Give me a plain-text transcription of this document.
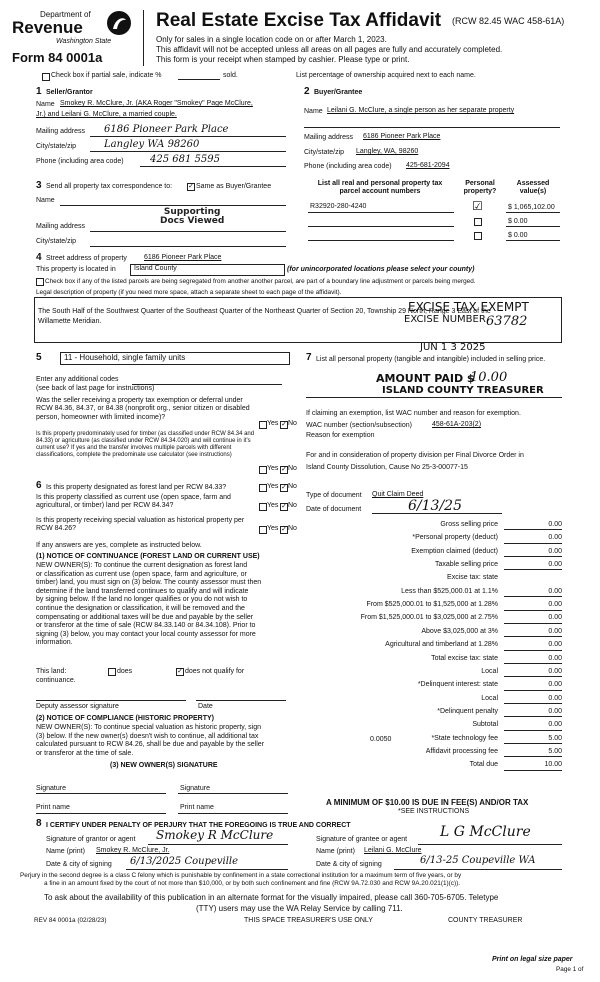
Department of
Revenue
Washington State
Form 84 0001a
Real Estate Excise Tax Affidavit (RCW 82.45 WAC 458-61A)
Only for sales in a single location code on or after March 1, 2023.
This affidavit will not be accepted unless all areas on all pages are fully and accurately completed.
This form is your receipt when stamped by cashier. Please type or print.
Check box if partial sale, indicate %	sold.	List percentage of ownership acquired next to each name.
1 Seller/Grantor
Name Smokey R. McClure, Jr. (AKA Roger "Smokey" Page McClure,
Jr.) and Leilani G. McClure, a married couple.
Mailing address 6186 Pioneer Park Place
City/state/zip	Langley WA 98260
Phone (including area code)	425 681 5595
2 Buyer/Grantee
Name Leilani G. McClure, a single person as her separate property
Mailing address 6186 Pioneer Park Place
City/state/zip Langley, WA, 98260
Phone (including area code) 425-681-2094
3 Send all property tax correspondence to: ✓ Same as Buyer/Grantee
Name
Supporting
Docs Viewed
Mailing address
City/state/zip
List all real and personal property tax parcel account numbers
Personal property?
Assessed value(s)
R32920-280-4240	☑	$ 1,065,102.00
$ 0.00
$ 0.00
4 Street address of property 6186 Pioneer Park Place
This property is located in	Island County	(for unincorporated locations please select your county)
Check box if any of the listed parcels are being segregated from another another parcel, are part of a boundary line adjustment or parcels being merged.
Legal description of property (if you need more space, attach a separate sheet to each page of the affidavit).
The South Half of the Southwest Quarter of the Southeast Quarter of the Northeast Quarter of Section 20, Township 29 North, Range 3 East of the
Willamette Meridian.
EXCISE TAX EXEMPT
EXCISE NUMBER 63782
5	11 - Household, single family units
Enter any additional codes
(see back of last page for instructions)
Was the seller receiving a property tax exemption or deferral under RCW 84.36, 84.37, or 84.38 (nonprofit org., senior citizen or disabled person, homeowner with limited income)?
Yes ✓ No
Is this property predominately used for timber (as classified under RCW 84.34 and 84.33) or agriculture (as classified under RCW 84.34.020) and will continue in it's current use? If yes and the transfer involves multiple parcels with different classifications, complete the predominate use calculator (see instructions)
Yes ✓ No
7 List all personal property (tangible and intangible) included in selling price.
AMOUNT PAID $
10.00
ISLAND COUNTY TREASURER
JUN 1 3 2025
If claiming an exemption, list WAC number and reason for exemption.
WAC number (section/subsection)	458-61A-203(2)
Reason for exemption
For and in consideration of property division per Final Divorce Order in
Island County Dissolution, Cause No 25-3-00077-15
6 Is this property designated as forest land per RCW 84.33?	Yes ✓ No
Is this property classified as current use (open space, farm and agricultural, or timber) land per RCW 84.34?	Yes ✓ No
Is this property receiving special valuation as historical property per RCW 84.26?	Yes ✓ No
If any answers are yes, complete as instructed below.
(1) NOTICE OF CONTINUANCE (FOREST LAND OR CURRENT USE)
NEW OWNER(S): To continue the current designation as forest land
or classification as current use (open space, farm and agriculture, or
timber) land, you must sign on (3) below. The county assessor must then
determine if the land transferred continues to qualify and will indicate
by signing below. If the land no longer qualifies or you do not wish to
continue the designation or classification, it will be removed and the
compensating or additional taxes will be due and payable by the seller
or transferor at the time of sale (RCW 84.33.140 or 84.34.108). Prior to
signing (3) below, you may contact your local county assessor for more
information.
This land:	does	✓ does not qualify for
continuance.
Deputy assessor signature	Date
(2) NOTICE OF COMPLIANCE (HISTORIC PROPERTY)
NEW OWNER(S): To continue special valuation as historic property, sign
(3) below. If the new owner(s) doesn't wish to continue, all additional tax
calculated pursuant to RCW 84.26, shall be due and payable by the seller
or transferor at the time of sale.
(3) NEW OWNER(S) SIGNATURE
Signature	Signature
Print name	Print name
Type of document Quit Claim Deed
Date of document	6/13/25
Gross selling price	0.00
*Personal property (deduct)	0.00
Exemption claimed (deduct)	0.00
Taxable selling price	0.00
Excise tax: state
Less than $525,000.01 at 1.1%	0.00
From $525,000.01 to $1,525,000 at 1.28%	0.00
From $1,525,000.01 to $3,025,000 at 2.75%	0.00
Above $3,025,000 at 3%	0.00
Agricultural and timberland at 1.28%	0.00
Total excise tax: state	0.00
Local	0.00
*Delinquent interest: state	0.00
Local	0.00
*Delinquent penalty	0.00
Subtotal	0.00
*State technology fee	5.00
Affidavit processing fee	5.00
Total due	10.00
0.0050
A MINIMUM OF $10.00 IS DUE IN FEE(S) AND/OR TAX
*SEE INSTRUCTIONS
8 I CERTIFY UNDER PENALTY OF PERJURY THAT THE FOREGOING IS TRUE AND CORRECT
Signature of grantor or agent Smokey R McClure
Name (print) Smokey R. McClure, Jr.
Date & city of signing 6/13/2025 Coupeville
Signature of grantee or agent L G McClure
Name (print) Leilani G. McClure
Date & city of signing	6/13-25 Coupeville WA
Perjury in the second degree is a class C felony which is punishable by confinement in a state correctional institution for a maximum term of five years, or by
a fine in an amount fixed by the court of not more than $10,000, or by both such confinement and fine (RCW 9A.72.030 and RCW 9A.20.021(1)(c)).
To ask about the availability of this publication in an alternate format for the visually impaired, please call 360-705-6705. Teletype
(TTY) users may use the WA Relay Service by calling 711.
REV 84 0001a (02/28/23)	THIS SPACE TREASURER'S USE ONLY	COUNTY TREASURER
Print on legal size paper
Page 1 of
